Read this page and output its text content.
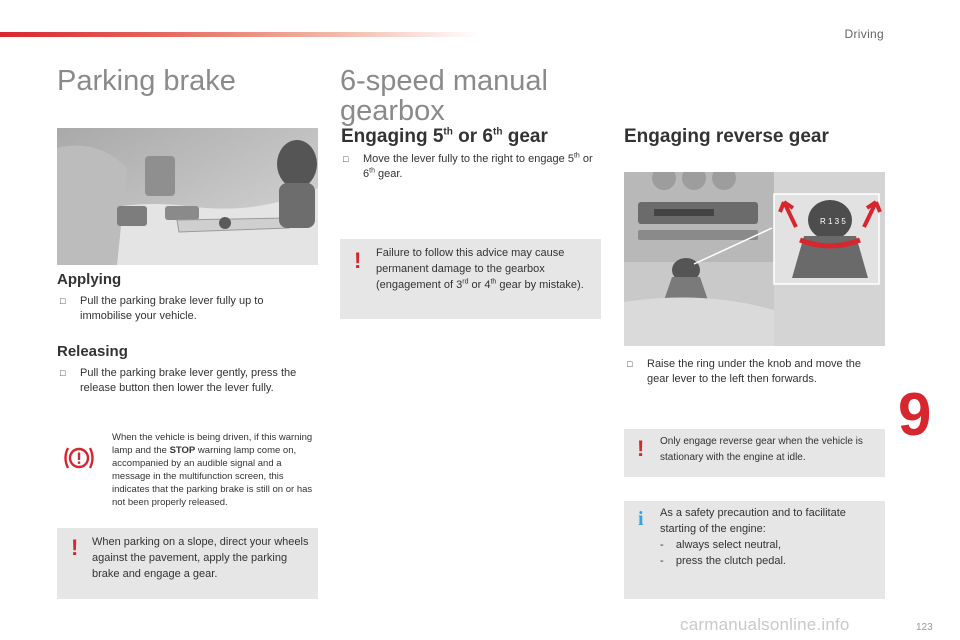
Driving
Parking brake
Applying
□ Pull the parking brake lever fully up to immobilise your vehicle.
Releasing
□ Pull the parking brake lever gently, press the release button then lower the lever fully.
When the vehicle is being driven, if this warning lamp and the STOP warning lamp come on, accompanied by an audible signal and a message in the multifunction screen, this indicates that the parking brake is still on or has not been properly released.
! When parking on a slope, direct your wheels against the pavement, apply the parking brake and engage a gear.
6-speed manual
gearbox
Engaging 5th or 6th gear
□ Move the lever fully to the right to engage 5th or 6th gear.
! Failure to follow this advice may cause permanent damage to the gearbox (engagement of 3rd or 4th gear by mistake).
Engaging reverse gear
R 1 3 5
□ Raise the ring under the knob and move the gear lever to the left then forwards.
! Only engage reverse gear when the vehicle is stationary with the engine at idle.
i As a safety precaution and to facilitate starting of the engine:
-    always select neutral,
-    press the clutch pedal.
9
123
carmanualsonline.info
